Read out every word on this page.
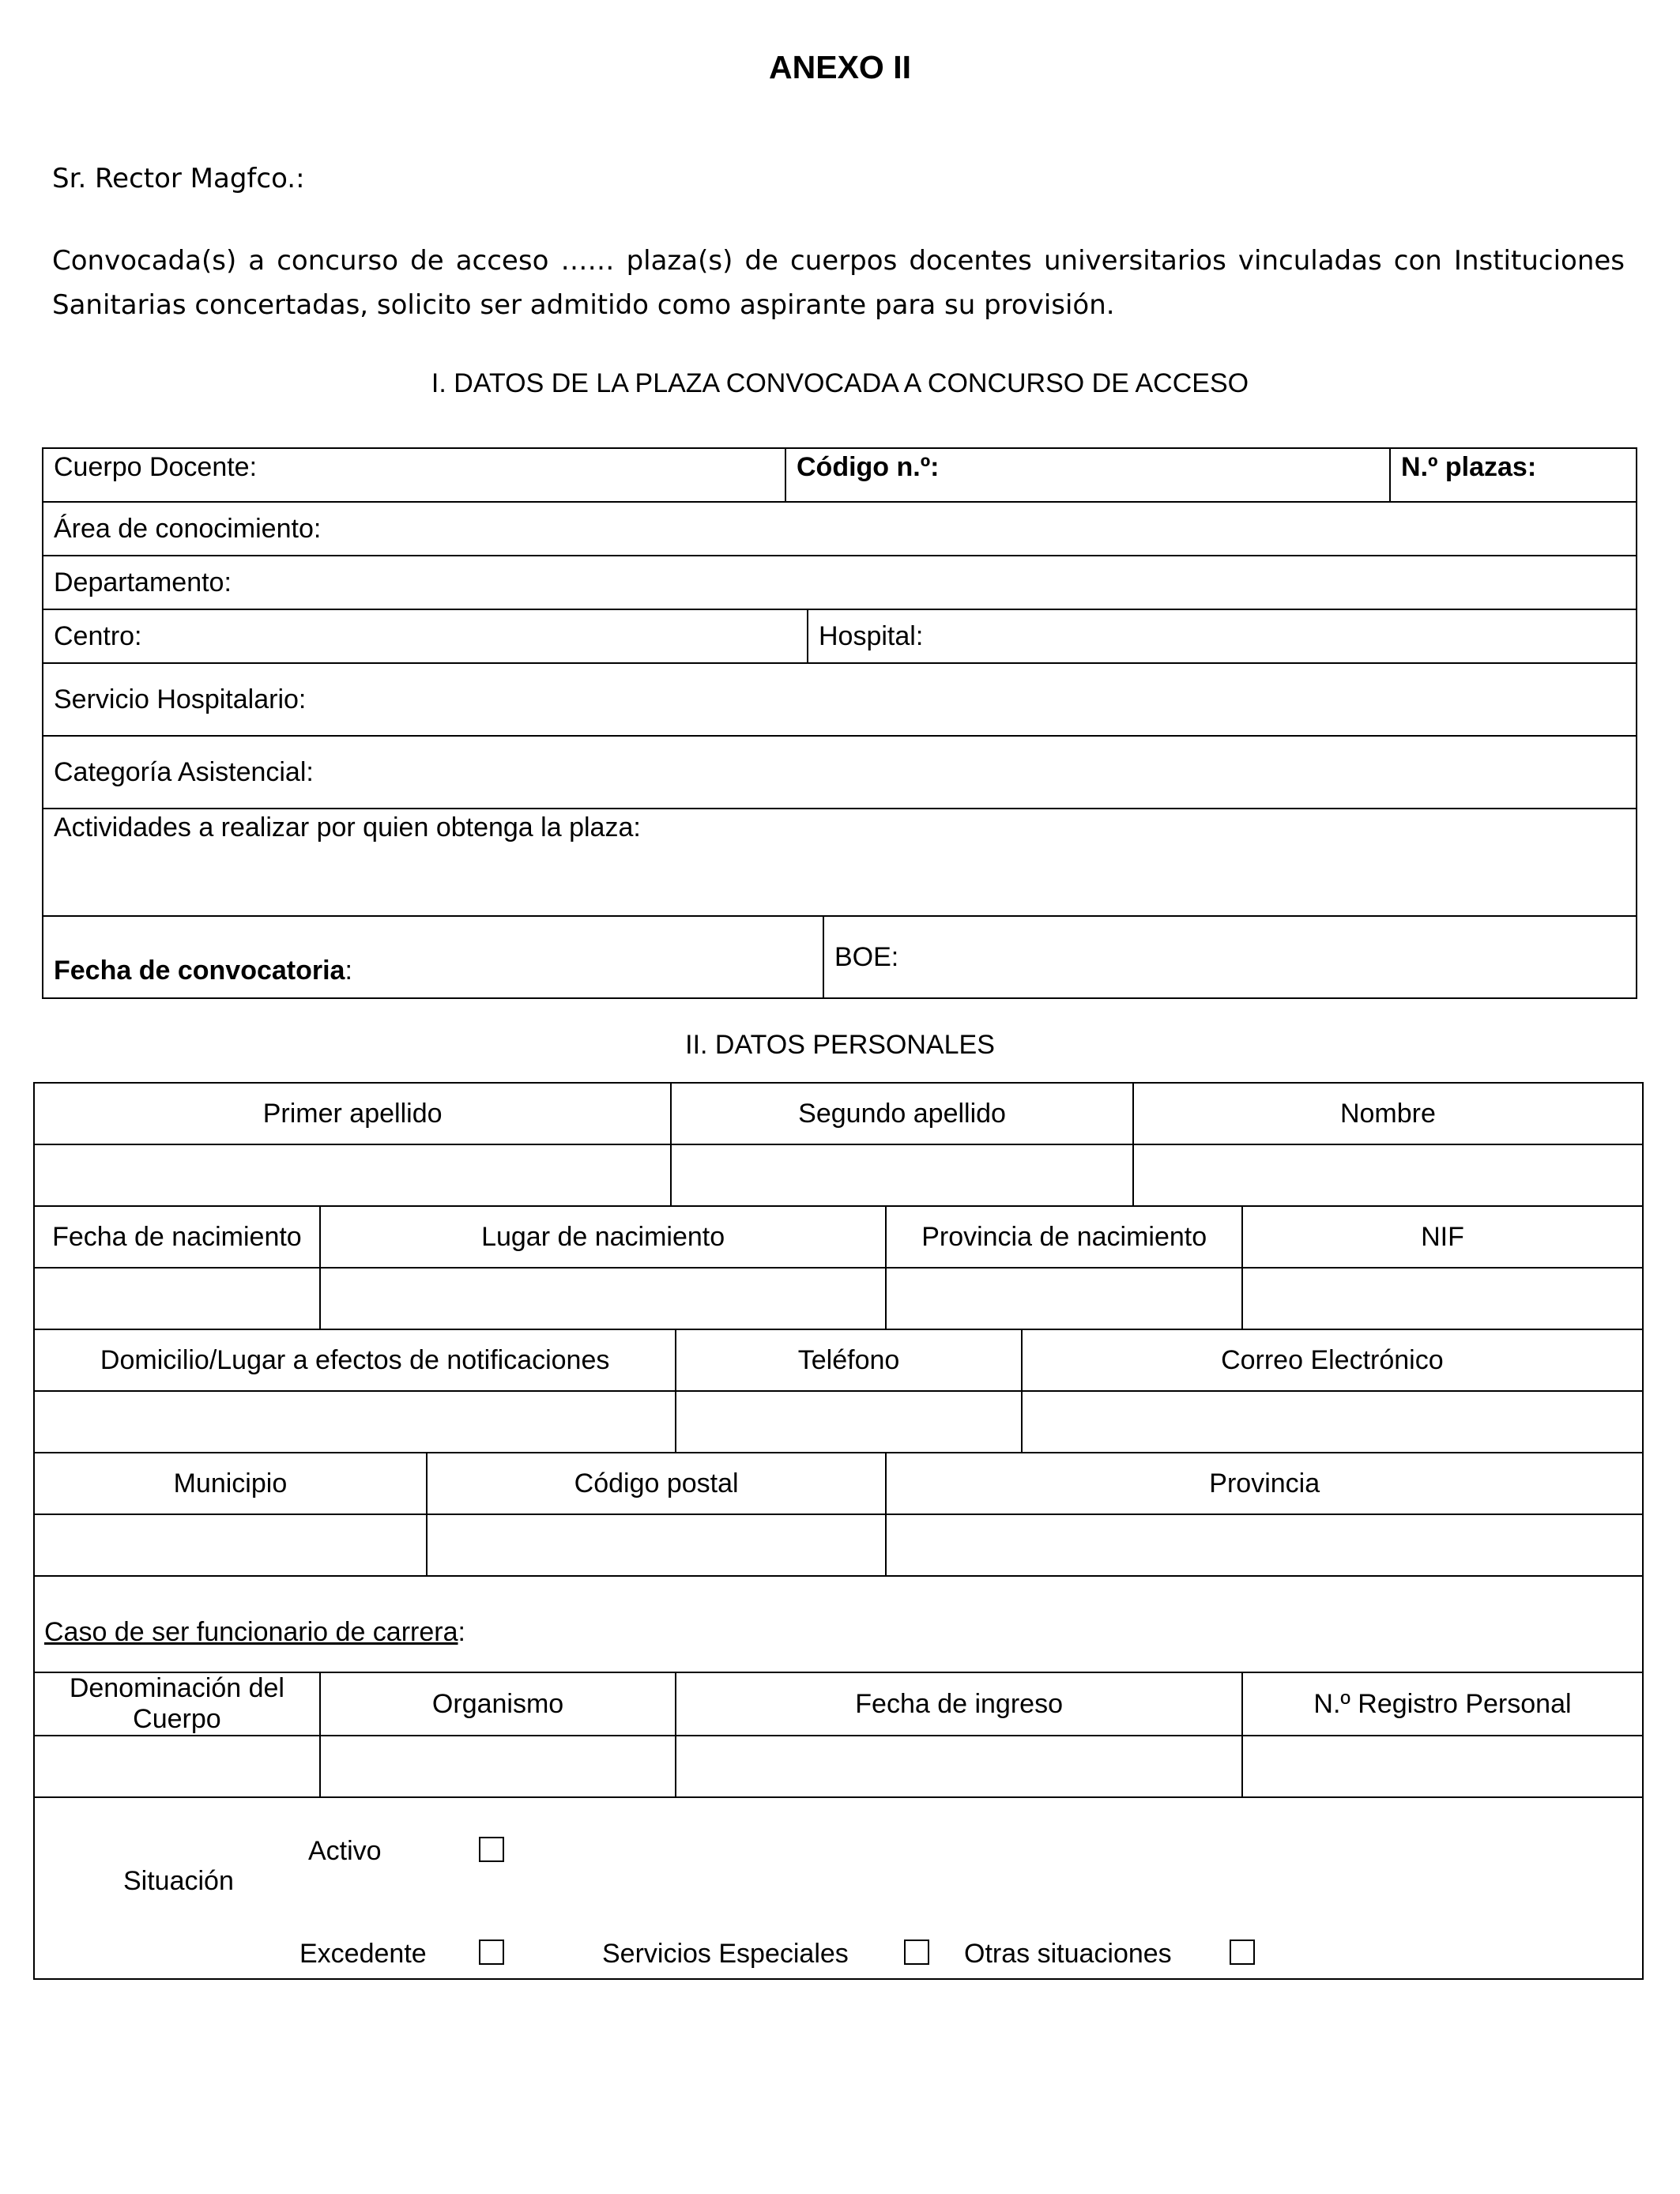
ANEXO II
Sr. Rector Magfco.:
Convocada(s) a concurso de acceso …… plaza(s) de cuerpos docentes universitarios vinculadas con Instituciones Sanitarias concertadas, solicito ser admitido como aspirante para su provisión.
I. DATOS DE LA PLAZA CONVOCADA A CONCURSO DE ACCESO
Cuerpo Docente:	Código n.º:			N.º plazas:
Área de conocimiento:				
Departamento:				
Centro:		Hospital:		
Servicio Hospitalario:				
Categoría Asistencial:				
Actividades a realizar por quien obtenga la plaza:				
Fecha de convocatoria:			BOE:	
II. DATOS PERSONALES
Primer apellido			Segundo apellido				Nombre	

Fecha de nacimiento	Lugar de nacimiento				Provincia de nacimiento			NIF

Domicilio/Lugar a efectos de notificaciones				Teléfono		Correo Electrónico		

Municipio		Código postal			Provincia			

Caso de ser funcionario de carrera:								
Denominación del Cuerpo	Organismo			Fecha de ingreso				N.º Registro Personal

Situación
Activo
Excedente Servicios Especiales Otras situaciones								
